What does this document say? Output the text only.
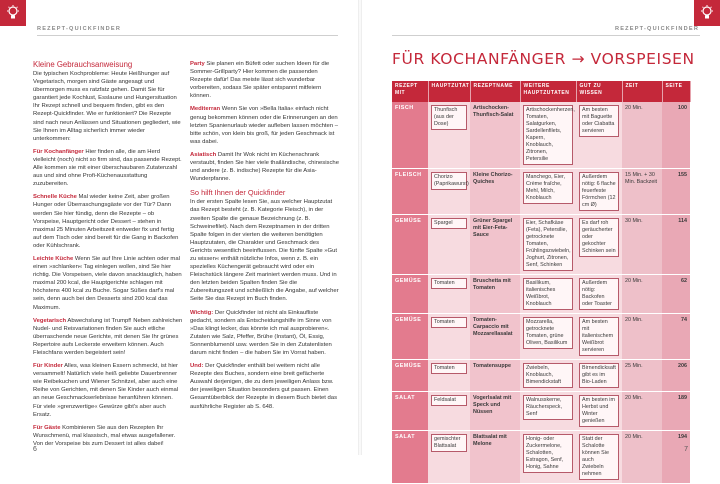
REZEPT-QUICKFINDER
Kleine Gebrauchsanweisung

Die typischen Kochprobleme: Heute Heißhunger auf Vegetarisch, morgen sind Gäste angesagt und übermorgen muss es ratzfatz gehen. Damit Sie für garantiert jede Kochlust, Esslaune und Hungersituation Ihr Rezept schnell und bequem finden, gibt es den Rezept-Quickfinder. Wie er funktioniert? Die Rezepte sind nach neun Anlässen und Situationen gegliedert, wie Sie Ihnen im Alltag sicherlich immer wieder unterkommen:

Für Kochanfänger Hier finden alle, die am Herd vielleicht (noch) nicht so firm sind, das passende Rezept. Alle kommen sie mit einer überschaubaren Zutatenzahl aus und sind ohne Profi-Küchenausstattung zuzubereiten.

Schnelle Küche Mal wieder keine Zeit, aber großen Hunger oder Überraschungsgäste vor der Tür? Dann werden Sie hier fündig, denn die Rezepte – ob Vorspeise, Hauptgericht oder Dessert – stehen in maximal 25 Minuten Arbeitszeit entweder fix und fertig auf dem Tisch oder sind bereit für die Gang in Backofen oder Kühlschrank.

Leichte Küche Wenn Sie auf Ihre Linie achten oder mal einen »schlanken« Tag einlegen wollen, sind Sie hier richtig. Die Vorspeisen, viele davon snacktauglich, haben maximal 200 kcal, die Hauptgerichte schlagen mit höchstens 400 kcal zu Buche. Sogar Süßes darf's mal sein, denn auch bei den Desserts sind 200 kcal das Maximum.

Vegetarisch Abwechslung ist Trumpf! Neben zahlreichen Nudel- und Reisvariationen finden Sie auch etliche überraschende neue Gerichte, mit denen Sie Ihr grünes Repertoire aufs Leckerste erweitern können. Auch Fleischfans werden begeistert sein!

Für Kinder Alles, was kleinen Essern schmeckt, ist hier versammelt! Natürlich viele heiß geliebte Dauerbrenner wie Reibekuchen und Wiener Schnitzel, aber auch eine Reihe von Gerichten, mit denen Sie Kinder auch einmal an neue Geschmackserlebnisse heranführen können. Für viele »grenzwertige« Gewürze gibt's aber auch Ersatz.

Für Gäste Kombinieren Sie aus den Rezepten Ihr Wunschmenü, mal klassisch, mal etwas ausgefallener. Von der Vorspeise bis zum Dessert ist alles dabei!

Party Sie planen ein Büfett oder suchen Ideen für die Sommer-Grillparty? Hier kommen die passenden Rezepte dafür! Das meiste lässt sich wunderbar vorbereiten, sodass Sie später entspannt mitfeiern können.

Mediterran Wenn Sie von »Bella Italia« einfach nicht genug bekommen können oder die Erinnerungen an den letzten Spanienurlaub wieder aufleben lassen möchten – bitte schön, von klein bis groß, für jeden Geschmack ist was dabei.

Asiatisch Damit Ihr Wok nicht im Küchenschrank verstaubt, finden Sie hier viele thailändische, chinesische und andere (z. B. indische) Rezepte für die Asia-Wunderpfanne.

So hilft Ihnen der Quickfinder

In der ersten Spalte lesen Sie, aus welcher Hauptzutat das Rezept besteht (z. B. Kategorie Fleisch), in der zweiten Spalte die genaue Bezeichnung (z. B. Schweinefilet). Nach dem Rezeptnamen in der dritten Spalte folgen in der vierten die weiteren benötigten Hauptzutaten, die Charakter und Geschmack des Gerichts wesentlich beeinflussen. Die fünfte Spalte »Gut zu wissen« enthält nützliche Infos, wenn z. B. ein spezielles Küchengerät gebraucht wird oder ein Fleischstück längere Zeit mariniert werden muss. Und in den letzten beiden Spalten finden Sie die Zubereitungszeit und schließlich die Angabe, auf welcher Seite Sie das Rezept im Buch finden.

Wichtig: Der Quickfinder ist nicht als Einkaufliste gedacht, sondern als Entscheidungshilfe im Sinne von »Das klingt lecker, das könnte ich mal ausprobieren«. Zutaten wie Salz, Pfeffer, Brühe (Instant), Öl, Essig, Sonnenblumenöl usw. werden Sie in den Zutatenlisten darum nicht finden – die haben Sie im Vorrat haben.

Und: Der Quickfinder enthält bei weitem nicht alle Rezepte des Buches, sondern eine breit gefächerte Auswahl derjenigen, die zu dem jeweiligen Anlass bzw. der jeweiligen Situation besonders gut passen. Einen Gesamtüberblick der Rezepte in diesem Buch bietet das ausführliche Register ab S. 648.

6
REZEPT-QUICKFINDER
FÜR KOCHANFÄNGER → VORSPEISEN
REZEPT MIT	HAUPTZUTAT	REZEPTNAME	WEITERE HAUPTZUTATEN	GUT ZU WISSEN	ZEIT	SEITE
FISCH	Thunfisch (aus der Dose)	Artischocken-Thunfisch-Salat	Artischockenherzen, Tomaten, Salatgurken, Sardellenfilets, Kapern, Knoblauch, Zitronen, Petersilie	Am besten mit Baguette oder Ciabatta servieren	20 Min.	100
FLEISCH	Chorizo (Paprikawurst)	Kleine Chorizo-Quiches	Manchego, Eier, Crème fraîche, Mehl, Milch, Knoblauch	Außerdem nötig: 6 flache feuerfeste Förmchen (12 cm Ø)	15 Min. + 30 Min. Backzeit	155
GEMÜSE	Spargel	Grüner Spargel mit Eier-Feta-Sauce	Eier, Schafkäse (Feta), Petersilie, getrocknete Tomaten, Frühlingszwiebeln, Joghurt, Zitronen, Senf, Schinken	Es darf roh geräucherter oder gekochter Schinken sein	30 Min.	114
GEMÜSE	Tomaten	Bruschetta mit Tomaten	Basilikum, italienisches Weißbrot, Knoblauch	Außerdem nötig: Backofen oder Toaster	20 Min.	62
GEMÜSE	Tomaten	Tomaten-Carpaccio mit Mozzarellasalat	Mozzarella, getrocknete Tomaten, grüne Oliven, Basilikum	Am besten mit italienischem Weißbrot servieren	20 Min.	74
GEMÜSE	Tomaten	Tomatensuppe	Zwiebeln, Knoblauch, Bimendickstaft	Birnendicksaft gibt es im Bio-Laden	25 Min.	206
SALAT	Feldsalat	Vogerlsalat mit Speck und Nüssen	Walnusskerne, Räucherspeck, Senf	Am besten im Herbst und Winter genießen	20 Min.	189
SALAT	gemischter Blattsalat	Blattsalat mit Melone	Honig- oder Zuckermelone, Schalotten, Estragon, Senf, Honig, Sahne	Statt der Schalotte können Sie auch Zwiebeln nehmen	20 Min.	194
7
